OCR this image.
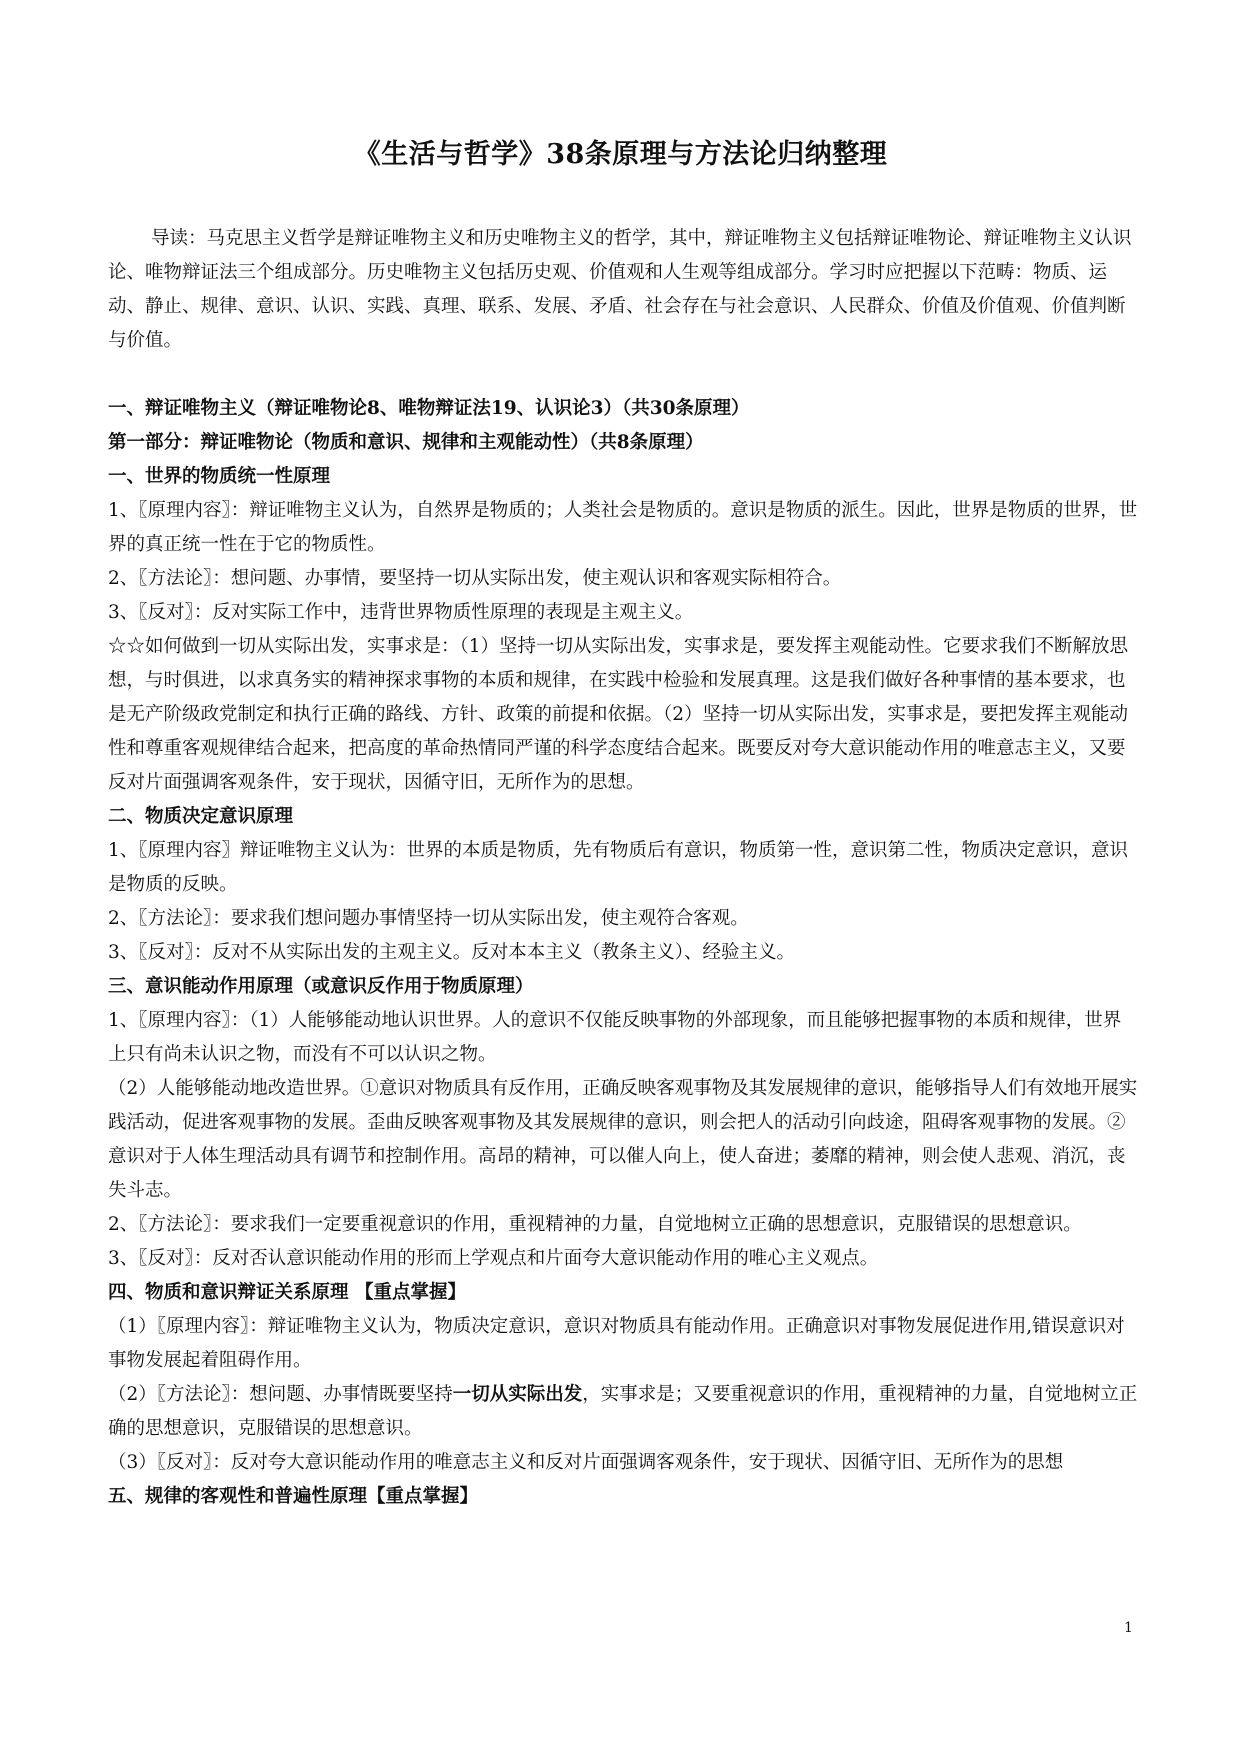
《生活与哲学》38条原理与方法论归纳整理

导读：马克思主义哲学是辩证唯物主义和历史唯物主义的哲学，其中，辩证唯物主义包括辩证唯物论、辩证唯物主义认识论、唯物辩证法三个组成部分。历史唯物主义包括历史观、价值观和人生观等组成部分。学习时应把握以下范畴：物质、运动、静止、规律、意识、认识、实践、真理、联系、发展、矛盾、社会存在与社会意识、人民群众、价值及价值观、价值判断与价值。

一、辩证唯物主义（辩证唯物论8、唯物辩证法19、认识论3）（共30条原理）

第一部分：辩证唯物论（物质和意识、规律和主观能动性）（共8条原理）

一、世界的物质统一性原理

1、〖原理内容〗：辩证唯物主义认为，自然界是物质的；人类社会是物质的。意识是物质的派生。因此，世界是物质的世界，世界的真正统一性在于它的物质性。

2、〖方法论〗：想问题、办事情，要坚持一切从实际出发，使主观认识和客观实际相符合。

3、〖反对〗：反对实际工作中，违背世界物质性原理的表现是主观主义。

☆☆如何做到一切从实际出发，实事求是：（1）坚持一切从实际出发，实事求是，要发挥主观能动性。它要求我们不断解放思想，与时俱进，以求真务实的精神探求事物的本质和规律，在实践中检验和发展真理。这是我们做好各种事情的基本要求，也是无产阶级政党制定和执行正确的路线、方针、政策的前提和依据。（2）坚持一切从实际出发，实事求是，要把发挥主观能动性和尊重客观规律结合起来，把高度的革命热情同严谨的科学态度结合起来。既要反对夸大意识能动作用的唯意志主义，又要反对片面强调客观条件，安于现状，因循守旧，无所作为的思想。

二、物质决定意识原理

1、〖原理内容〗辩证唯物主义认为：世界的本质是物质，先有物质后有意识，物质第一性，意识第二性，物质决定意识，意识是物质的反映。

2、〖方法论〗：要求我们想问题办事情坚持一切从实际出发，使主观符合客观。

3、〖反对〗：反对不从实际出发的主观主义。反对本本主义（教条主义）、经验主义。

三、意识能动作用原理（或意识反作用于物质原理）

1、〖原理内容〗：（1）人能够能动地认识世界。人的意识不仅能反映事物的外部现象，而且能够把握事物的本质和规律，世界上只有尚未认识之物，而没有不可以认识之物。

（2）人能够能动地改造世界。①意识对物质具有反作用，正确反映客观事物及其发展规律的意识，能够指导人们有效地开展实践活动，促进客观事物的发展。歪曲反映客观事物及其发展规律的意识，则会把人的活动引向歧途，阻碍客观事物的发展。②意识对于人体生理活动具有调节和控制作用。高昂的精神，可以催人向上，使人奋进；萎靡的精神，则会使人悲观、消沉，丧失斗志。

2、〖方法论〗：要求我们一定要重视意识的作用，重视精神的力量，自觉地树立正确的思想意识，克服错误的思想意识。

3、〖反对〗：反对否认意识能动作用的形而上学观点和片面夸大意识能动作用的唯心主义观点。

四、物质和意识辩证关系原理 【重点掌握】

（1）〖原理内容〗：辩证唯物主义认为，物质决定意识，意识对物质具有能动作用。正确意识对事物发展促进作用,错误意识对事物发展起着阻碍作用。

（2）〖方法论〗：想问题、办事情既要坚持一切从实际出发，实事求是；又要重视意识的作用，重视精神的力量，自觉地树立正确的思想意识，克服错误的思想意识。

（3）〖反对〗：反对夸大意识能动作用的唯意志主义和反对片面强调客观条件，安于现状、因循守旧、无所作为的思想

五、规律的客观性和普遍性原理【重点掌握】

1
